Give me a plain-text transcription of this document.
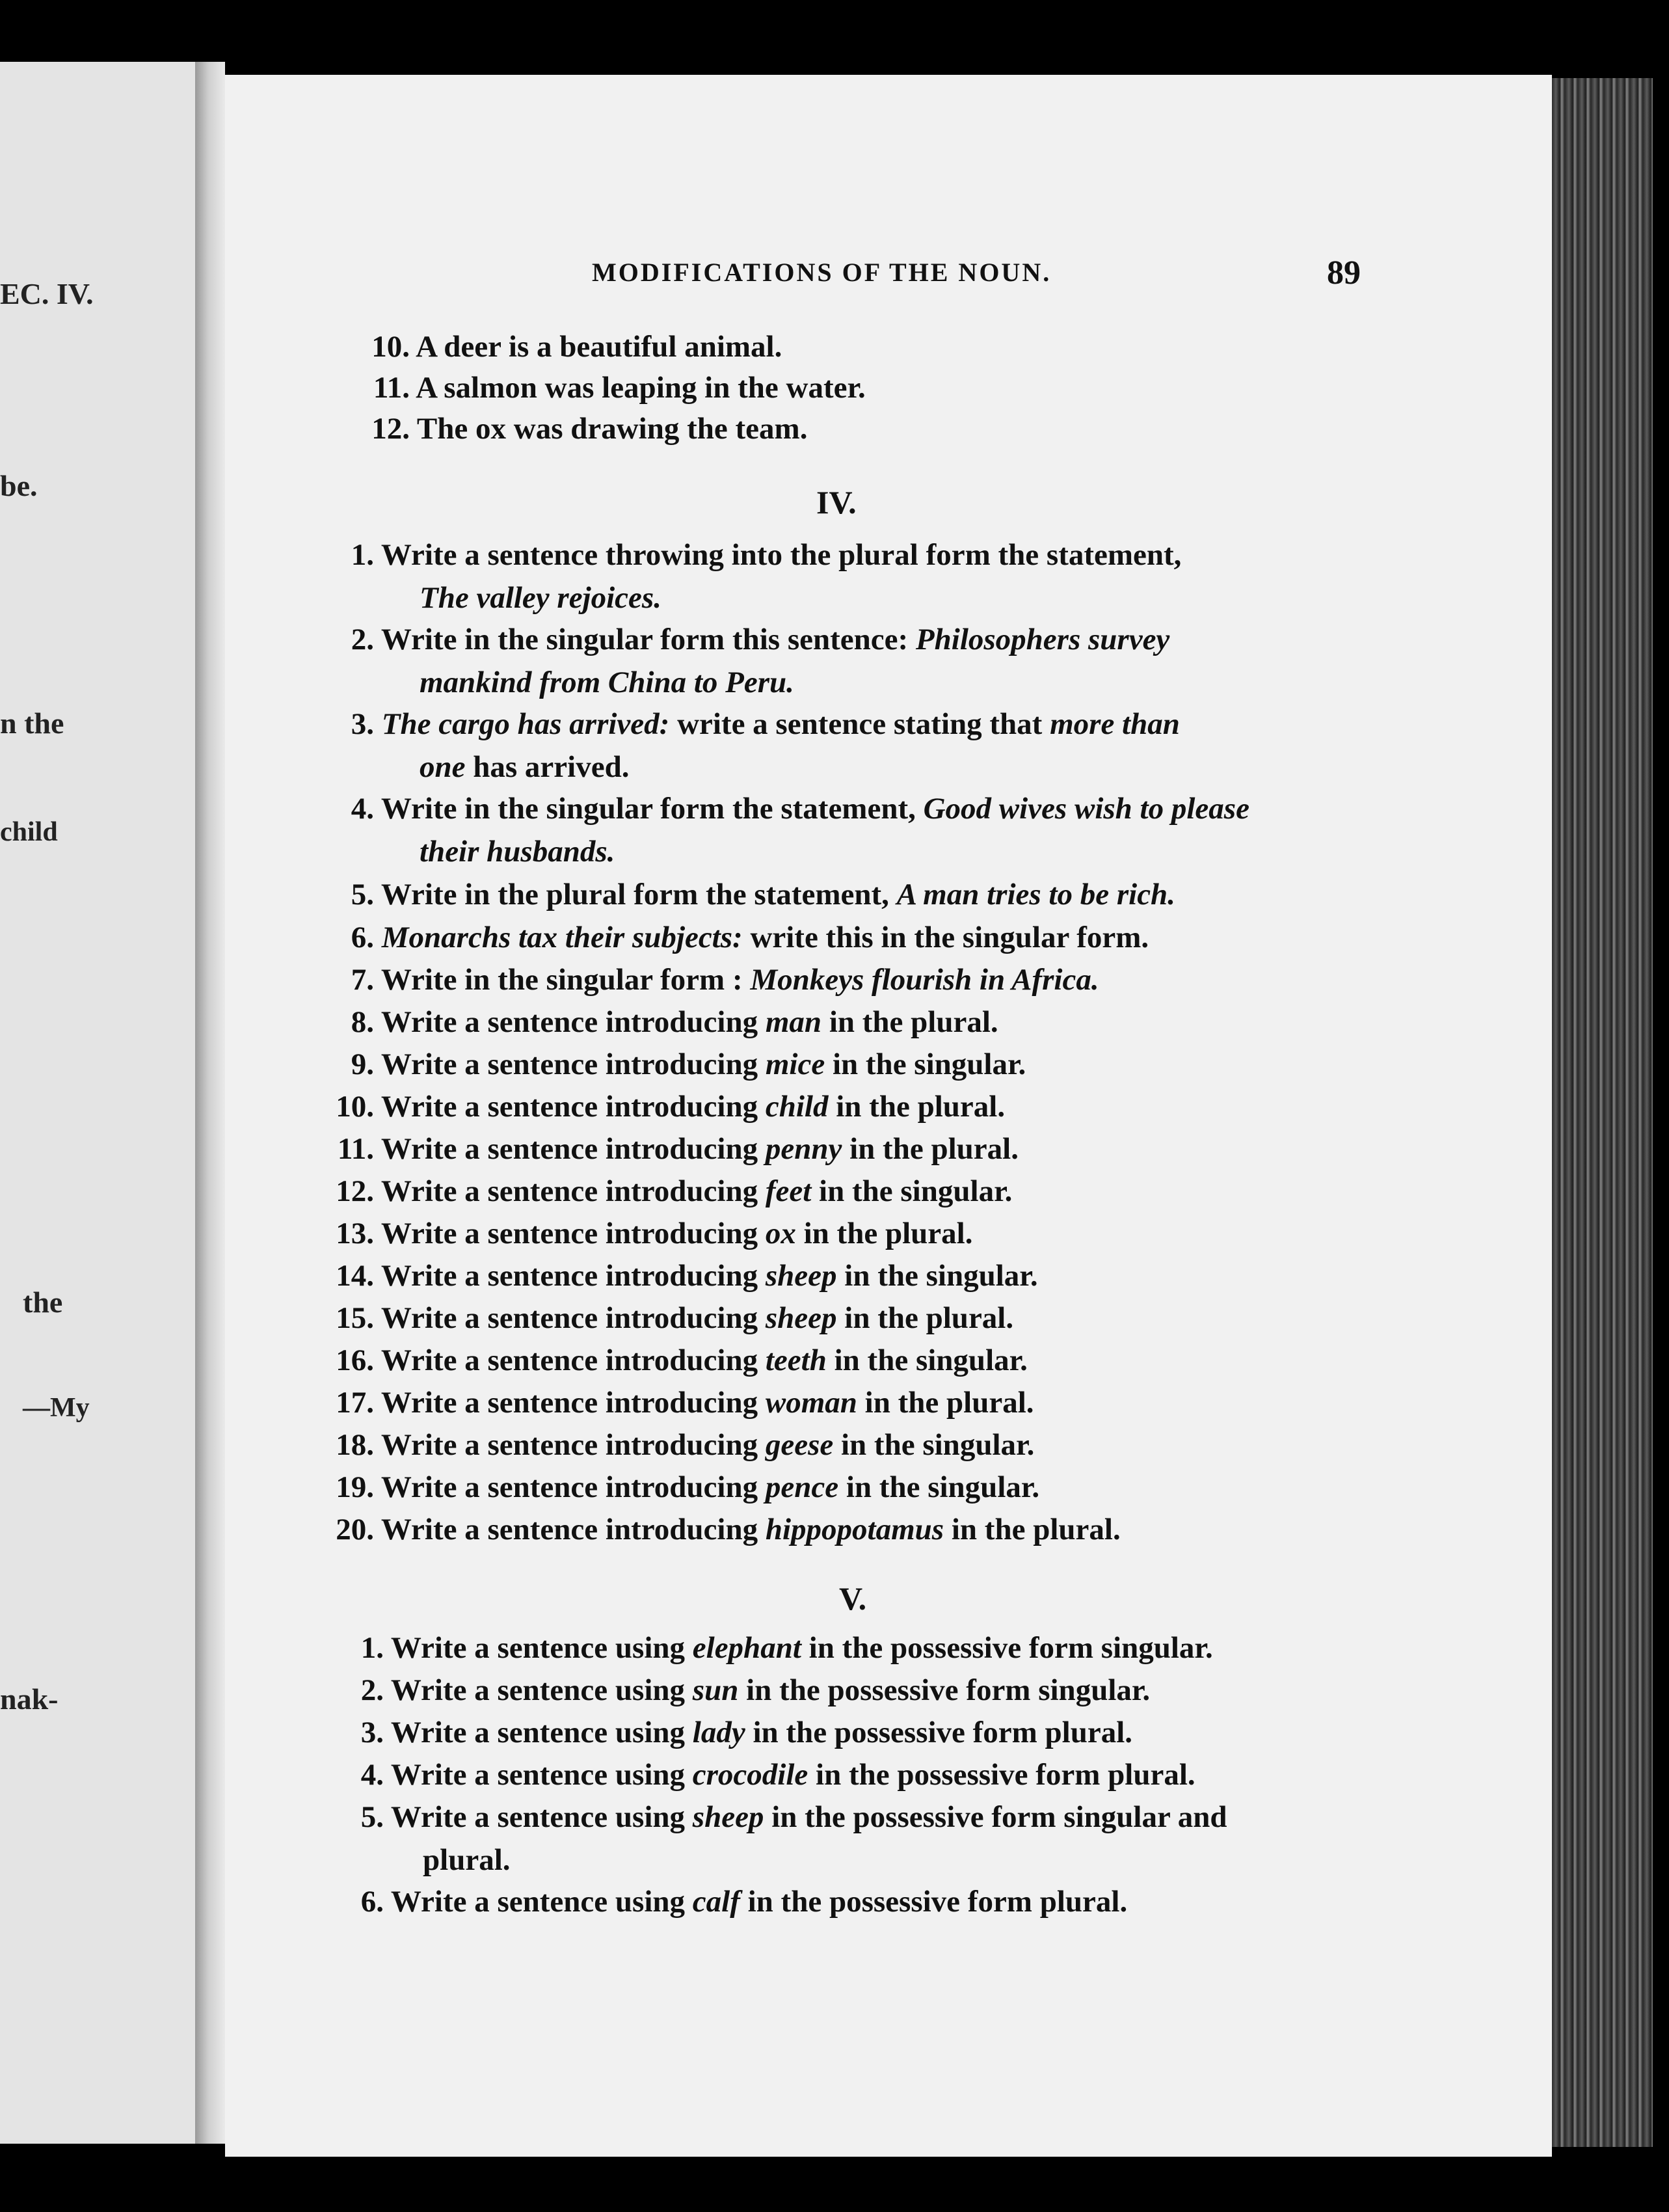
EC. IV.
be.
n the
child
the
—My
nak-
MODIFICATIONS OF THE NOUN.	89
10. A deer is a beautiful animal.
11. A salmon was leaping in the water.
12. The ox was drawing the team.
IV.
V.
1. Write a sentence throwing into the plural form the statement,
The valley rejoices.
2. Write in the singular form this sentence: Philosophers survey
mankind from China to Peru.
3. The cargo has arrived: write a sentence stating that more than
one has arrived.
4. Write in the singular form the statement, Good wives wish to please
their husbands.
5. Write in the plural form the statement, A man tries to be rich.
6. Monarchs tax their subjects: write this in the singular form.
7. Write in the singular form : Monkeys flourish in Africa.
8. Write a sentence introducing man in the plural.
9. Write a sentence introducing mice in the singular.
10. Write a sentence introducing child in the plural.
11. Write a sentence introducing penny in the plural.
12. Write a sentence introducing feet in the singular.
13. Write a sentence introducing ox in the plural.
14. Write a sentence introducing sheep in the singular.
15. Write a sentence introducing sheep in the plural.
16. Write a sentence introducing teeth in the singular.
17. Write a sentence introducing woman in the plural.
18. Write a sentence introducing geese in the singular.
19. Write a sentence introducing pence in the singular.
20. Write a sentence introducing hippopotamus in the plural.
1. Write a sentence using elephant in the possessive form singular.
2. Write a sentence using sun in the possessive form singular.
3. Write a sentence using lady in the possessive form plural.
4. Write a sentence using crocodile in the possessive form plural.
5. Write a sentence using sheep in the possessive form singular and
plural.
6. Write a sentence using calf in the possessive form plural.
